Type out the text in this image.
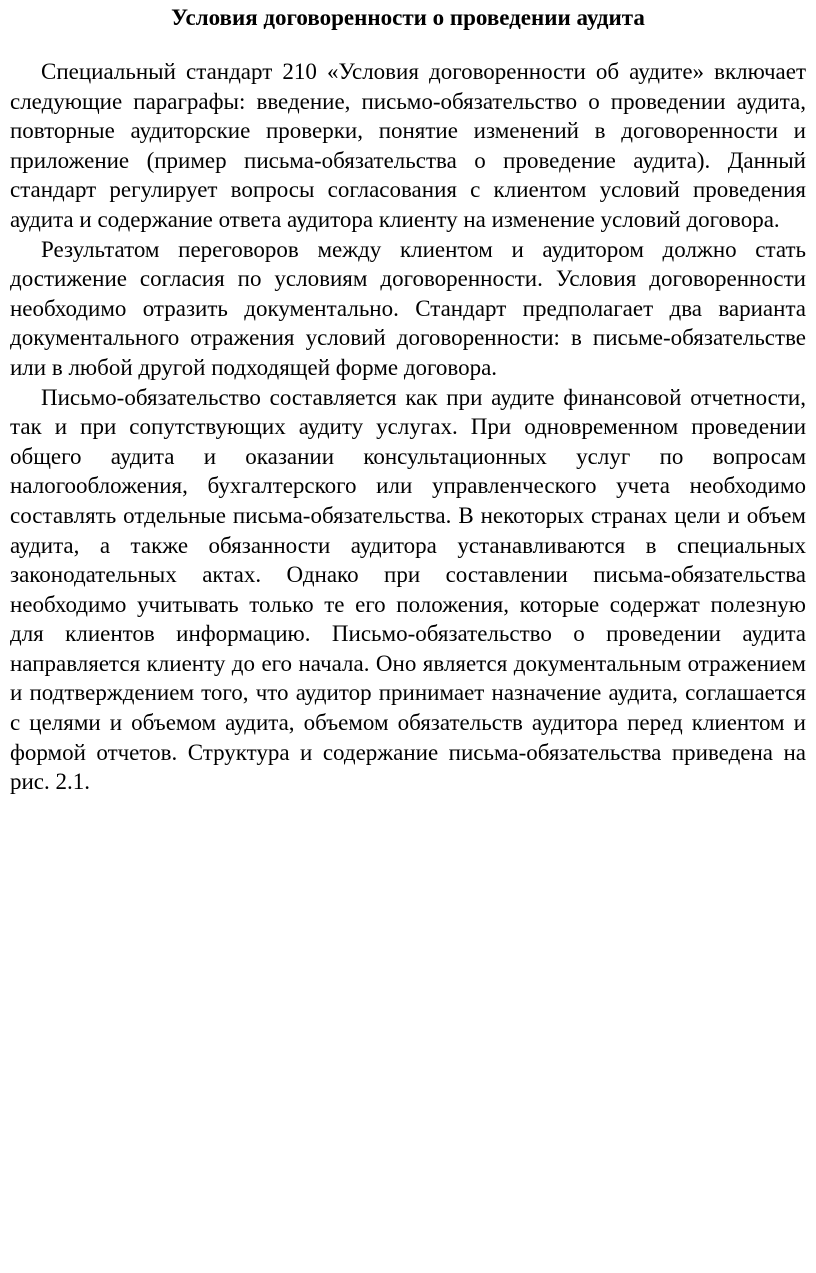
Условия договоренности о проведении аудита

Специальный стандарт 210 «Условия договоренности об аудите» включает следующие параграфы: введение, письмо-обязательство о проведении аудита, повторные аудиторские проверки, понятие изменений в договоренности и приложение (пример письма-обязательства о проведение аудита). Данный стандарт регулирует вопросы согласования с клиентом условий проведения аудита и содержание ответа аудитора клиенту на изменение условий договора.

Результатом переговоров между клиентом и аудитором должно стать достижение согласия по условиям договоренности. Условия договоренности необходимо отразить документально. Стандарт предполагает два варианта документального отражения условий договоренности: в письме-обязательстве или в любой другой подходящей форме договора.

Письмо-обязательство составляется как при аудите финансовой отчетности, так и при сопутствующих аудиту услугах. При одновременном проведении общего аудита и оказании консультационных услуг по вопросам налогообложения, бухгалтерского или управленческого учета необходимо составлять отдельные письма-обязательства. В некоторых странах цели и объем аудита, а также обязанности аудитора устанавливаются в специальных законодательных актах. Однако при составлении письма-обязательства необходимо учитывать только те его положения, которые содержат полезную для клиентов информацию. Письмо-обязательство о проведении аудита направляется клиенту до его начала. Оно является документальным отражением и подтверждением того, что аудитор принимает назначение аудита, соглашается с целями и объемом аудита, объемом обязательств аудитора перед клиентом и формой отчетов. Структура и содержание письма-обязательства приведена на рис. 2.1.
